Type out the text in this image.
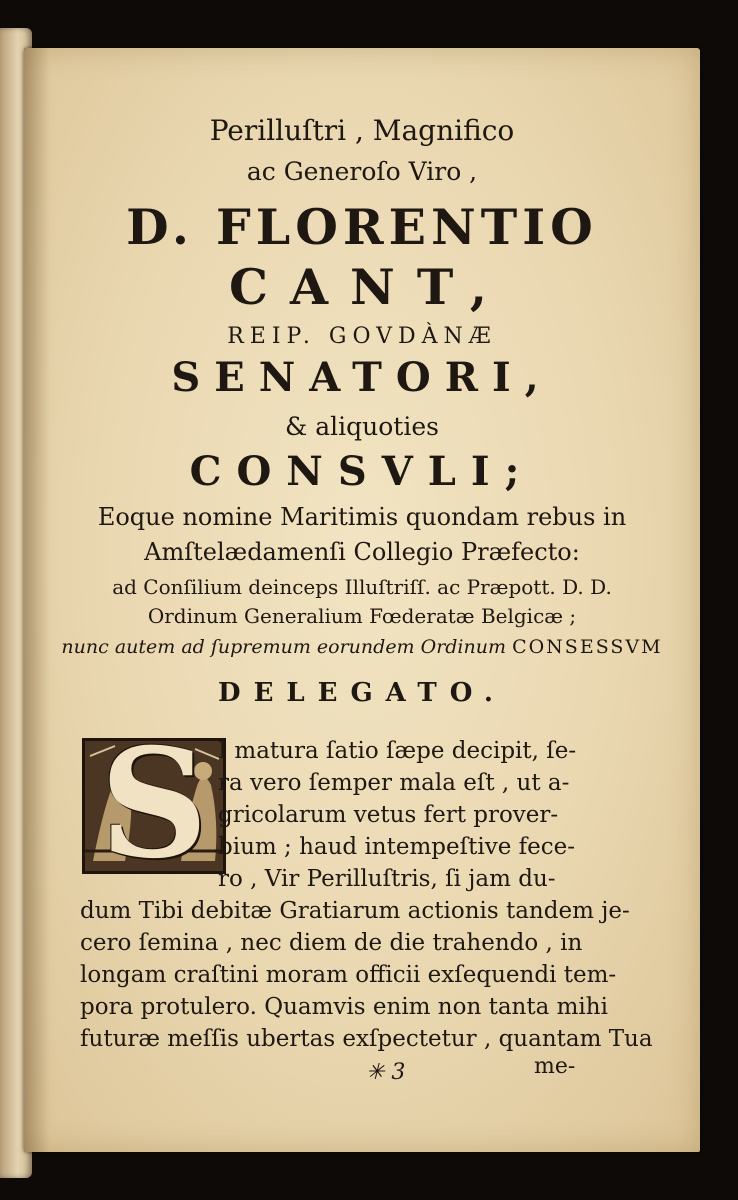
Perilluſtri , Magnifico
ac Generoſo Viro ,
D. FLORENTIO
CANT,
REIP. GOVDÀNÆ
SENATORI,
& aliquoties
CONSVLI;
Eoque nomine Maritimis quondam rebus in
Amſtelædamenſi Collegio Præfecto:
ad Conſilium deinceps Illuſtriſſ. ac Præpott. D. D.
Ordinum Generalium Fœderatæ Belgicæ ;
nunc autem ad ſupremum eorundem Ordinum CONSESSVM
DELEGATO.
S I matura ſatio ſæpe decipit, ſe-
ra vero ſemper mala eſt , ut a-
gricolarum vetus fert prover-
bium ; haud intempeſtive fece-
ro , Vir Perilluſtris, ſi jam du-
dum Tibi debitæ Gratiarum actionis tandem je-
cero ſemina , nec diem de die trahendo , in
longam craſtini moram officii exſequendi tem-
pora protulero. Quamvis enim non tanta mihi
futuræ meſſis ubertas exſpectetur , quantam Tua
✳ 3	me-
